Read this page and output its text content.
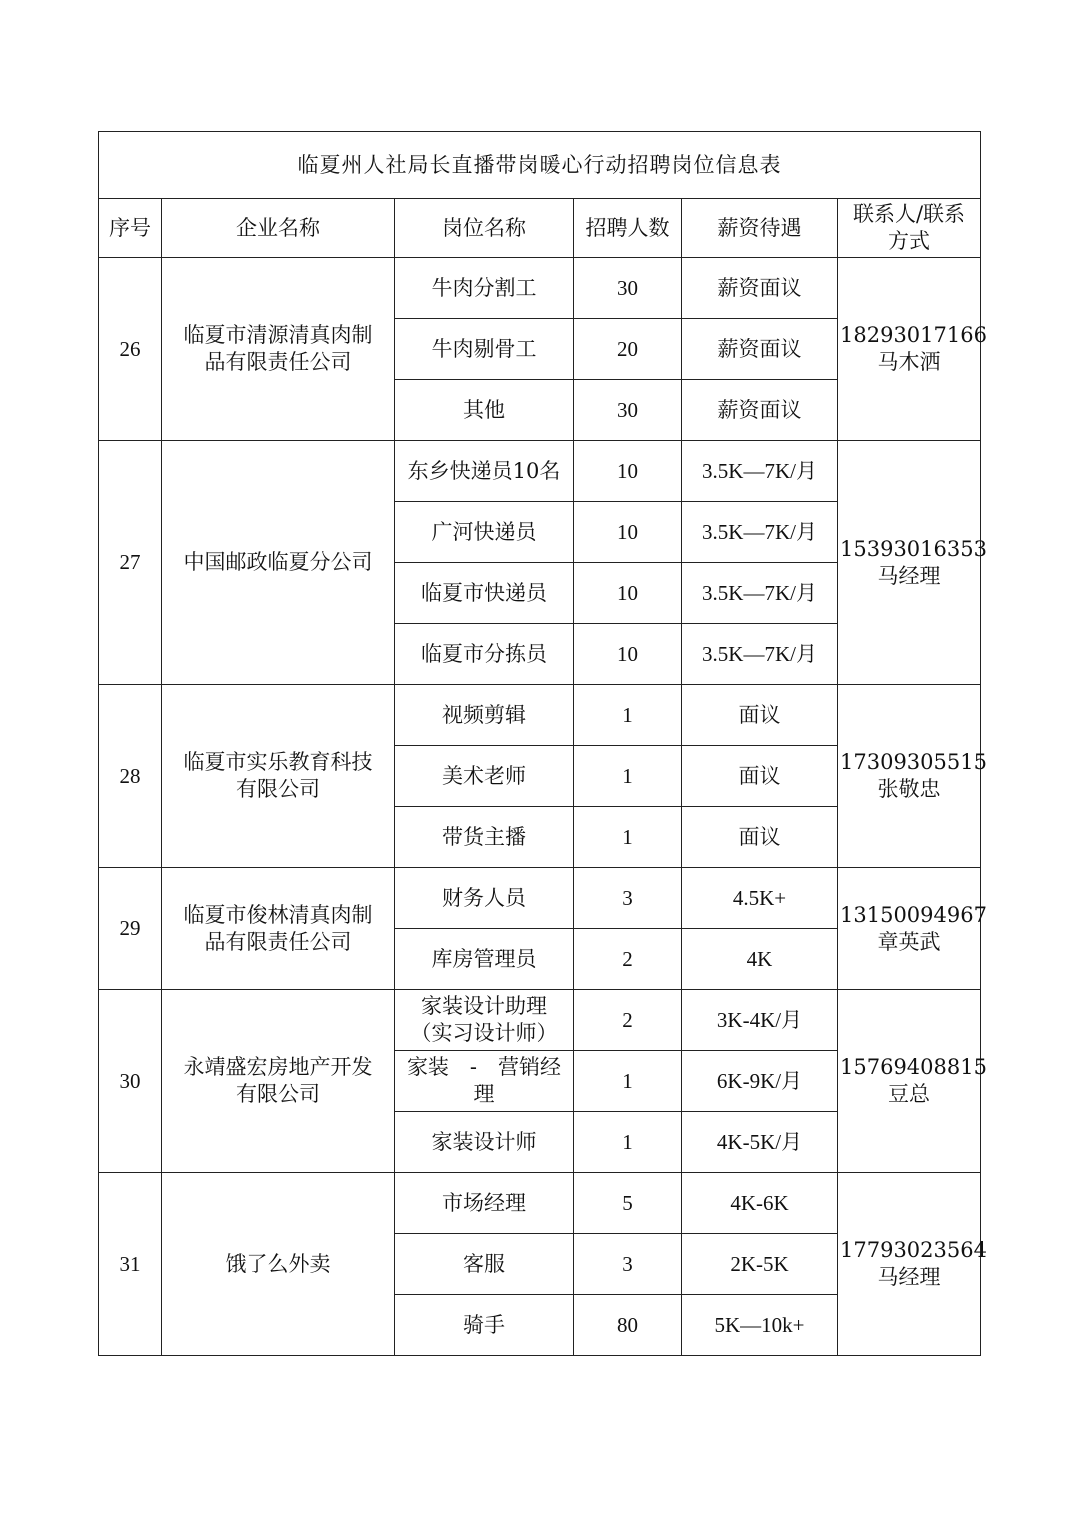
临夏州人社局长直播带岗暖心行动招聘岗位信息表					
序号	企业名称	岗位名称	招聘人数	薪资待遇	联系人/联系
方式

26	临夏市清源清真肉制
品有限责任公司	牛肉分割工	30	薪资面议	18293017166
马木洒

		牛肉剔骨工	20	薪资面议	
		其他	30	薪资面议	
27	中国邮政临夏分公司	东乡快递员10名	10	3.5K—7K/月	15393016353
马经理

		广河快递员	10	3.5K—7K/月	
		临夏市快递员	10	3.5K—7K/月	
		临夏市分拣员	10	3.5K—7K/月	
28	临夏市实乐教育科技
有限公司	视频剪辑	1	面议	17309305515
张敬忠

		美术老师	1	面议	
		带货主播	1	面议	
29	临夏市俊林清真肉制
品有限责任公司	财务人员	3	4.5K+	13150094967
章英武

		库房管理员	2	4K	
30	永靖盛宏房地产开发
有限公司	家装设计助理
（实习设计师）	2	3K-4K/月	15769408815
豆总

		家装　-　营销经
理	1	6K-9K/月	
		家装设计师	1	4K-5K/月	
31	饿了么外卖	市场经理	5	4K-6K	17793023564
马经理

		客服	3	2K-5K	
		骑手	80	5K—10k+	
